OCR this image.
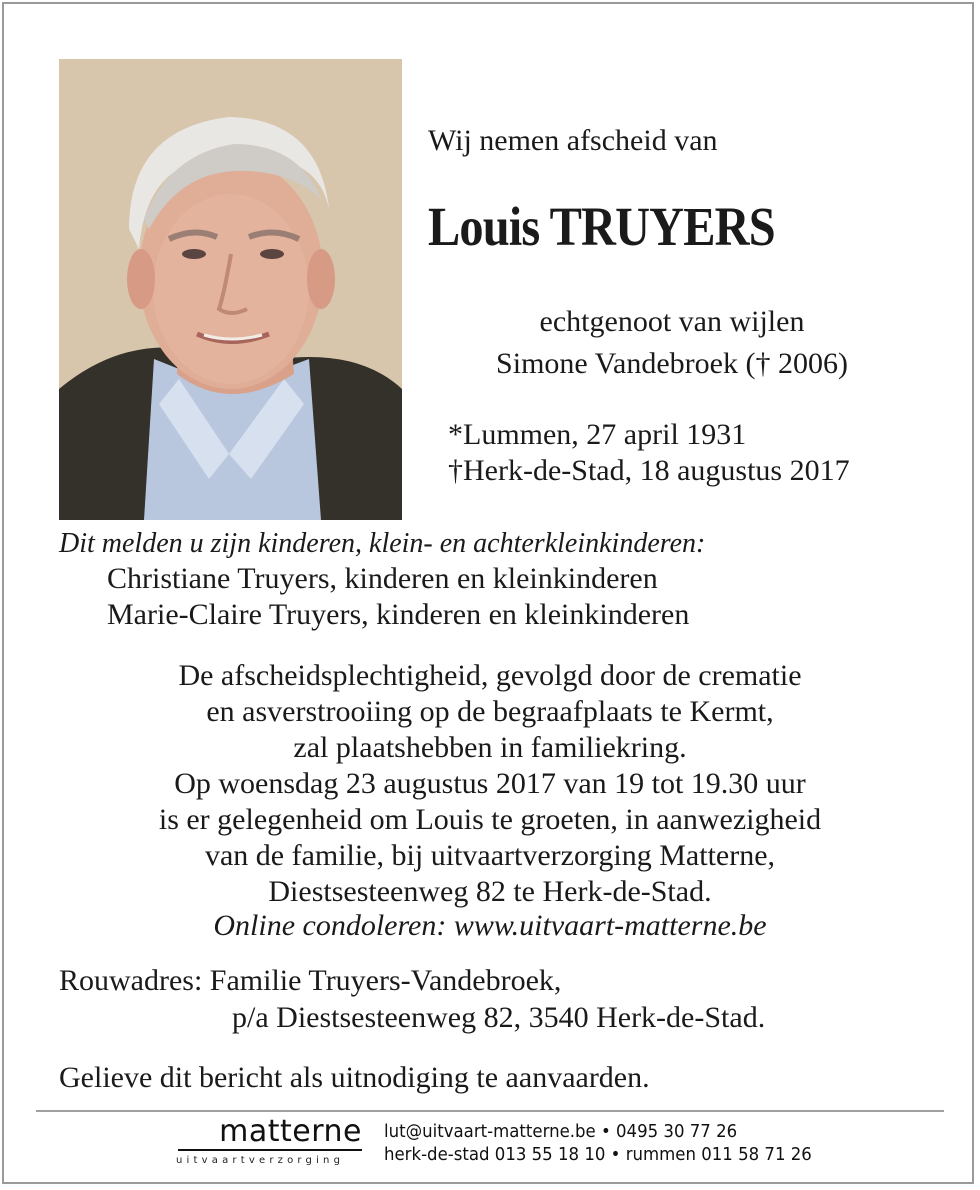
Wij nemen afscheid van
Louis TRUYERS
echtgenoot van wijlen
Simone Vandebroek († 2006)
*Lummen, 27 april 1931
†Herk-de-Stad, 18 augustus 2017
Dit melden u zijn kinderen, klein- en achterkleinkinderen:
Christiane Truyers, kinderen en kleinkinderen
Marie-Claire Truyers, kinderen en kleinkinderen
De afscheidsplechtigheid, gevolgd door de crematie
en asverstrooiing op de begraafplaats te Kermt,
zal plaatshebben in familiekring.
Op woensdag 23 augustus 2017 van 19 tot 19.30 uur
is er gelegenheid om Louis te groeten, in aanwezigheid
van de familie, bij uitvaartverzorging Matterne,
Diestsesteenweg 82 te Herk-de-Stad.
Online condoleren: www.uitvaart-matterne.be
Rouwadres: Familie Truyers-Vandebroek,
p/a Diestsesteenweg 82, 3540 Herk-de-Stad.
Gelieve dit bericht als uitnodiging te aanvaarden.
matterne
uitvaartverzorging
lut@uitvaart-matterne.be • 0495 30 77 26
herk-de-stad 013 55 18 10 • rummen 011 58 71 26
